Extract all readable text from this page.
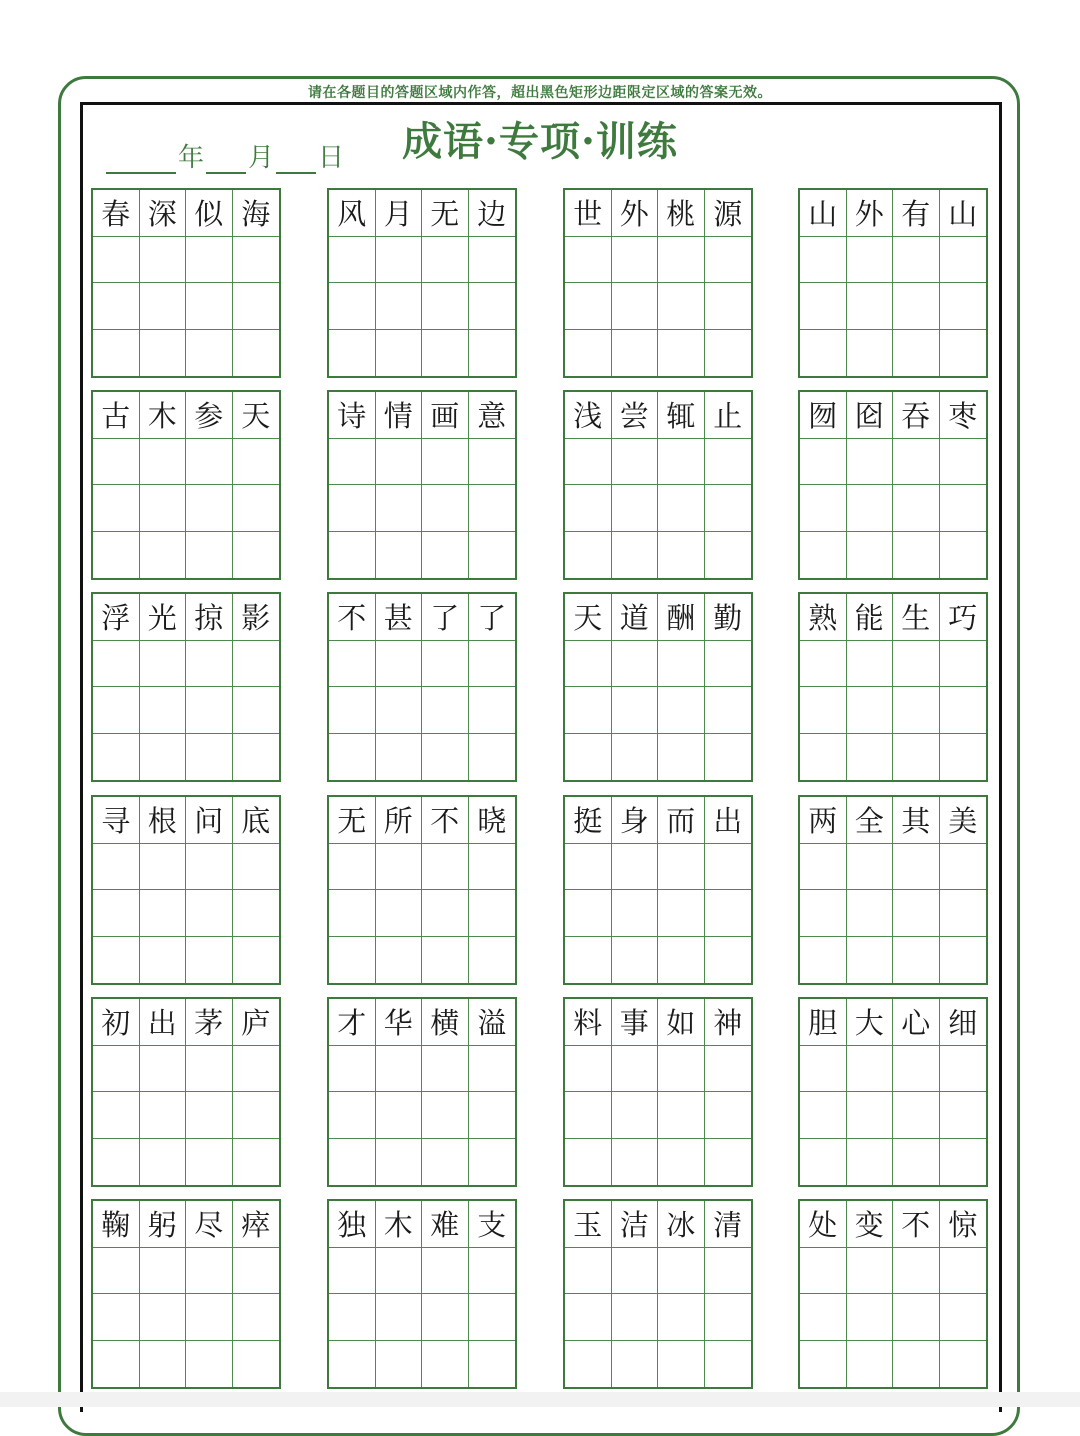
请在各题目的答题区域内作答，超出黑色矩形边距限定区域的答案无效。
年 月 日	成语·专项·训练
春 深 似 海	风 月 无 边	世 外 桃 源	山 外 有 山
古 木 参 天	诗 情 画 意	浅 尝 辄 止	囫 囵 吞 枣
浮 光 掠 影	不 甚 了 了	天 道 酬 勤	熟 能 生 巧
寻 根 问 底	无 所 不 晓	挺 身 而 出	两 全 其 美
初 出 茅 庐	才 华 横 溢	料 事 如 神	胆 大 心 细
鞠 躬 尽 瘁	独 木 难 支	玉 洁 冰 清	处 变 不 惊
